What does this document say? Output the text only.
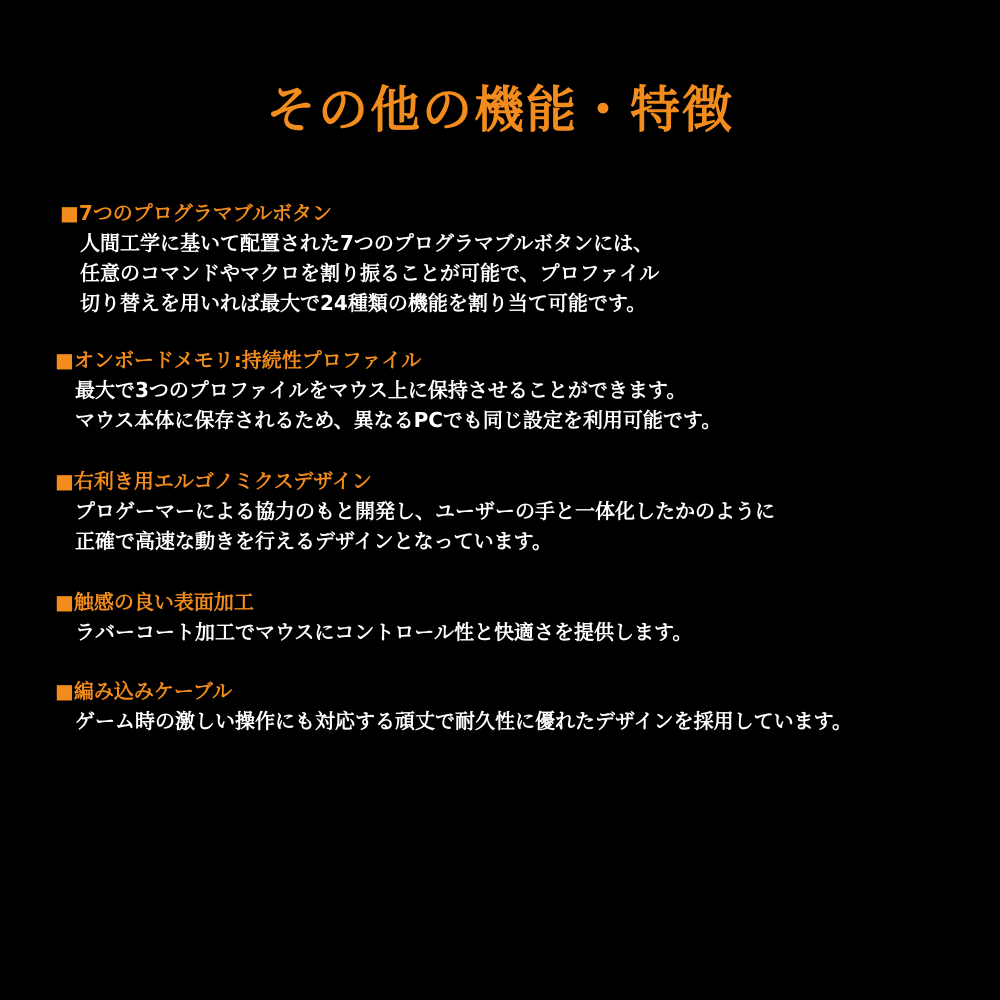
その他の機能・特徴
■7つのプログラマブルボタン
人間工学に基いて配置された7つのプログラマブルボタンには、
任意のコマンドやマクロを割り振ることが可能で、プロファイル
切り替えを用いれば最大で24種類の機能を割り当て可能です。
■オンボードメモリ:持続性プロファイル
最大で3つのプロファイルをマウス上に保持させることができます。
マウス本体に保存されるため、異なるPCでも同じ設定を利用可能です。
■右利き用エルゴノミクスデザイン
プロゲーマーによる協力のもと開発し、ユーザーの手と一体化したかのように
正確で高速な動きを行えるデザインとなっています。
■触感の良い表面加工
ラバーコート加工でマウスにコントロール性と快適さを提供します。
■編み込みケーブル
ゲーム時の激しい操作にも対応する頑丈で耐久性に優れたデザインを採用しています。
